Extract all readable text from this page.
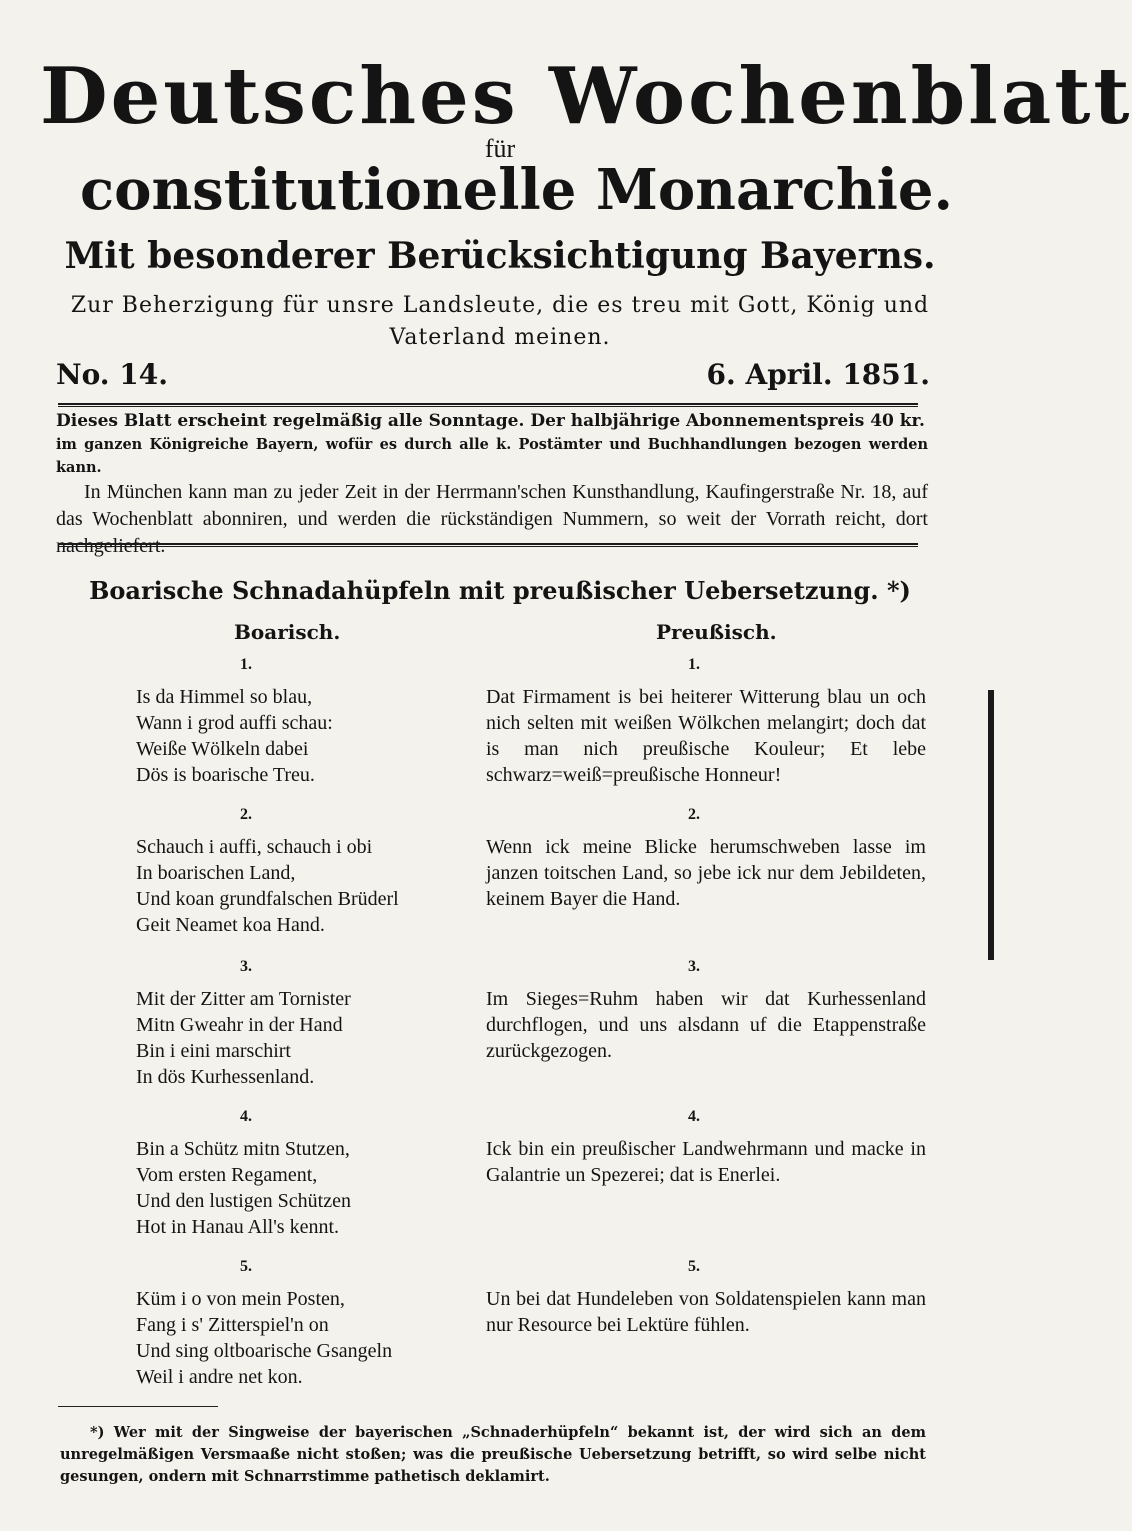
Deutsches Wochenblatt
für
constitutionelle Monarchie.
Mit besonderer Berücksichtigung Bayerns.
Zur Beherzigung für unsre Landsleute, die es treu mit Gott, König und Vaterland meinen.
No. 14.	6. April. 1851.
Dieses Blatt erscheint regelmäßig alle Sonntage. Der halbjährige Abonnementspreis 40 kr.
im ganzen Königreiche Bayern, wofür es durch alle k. Postämter und Buchhandlungen bezogen werden kann.
In München kann man zu jeder Zeit in der Herrmann'schen Kunsthandlung, Kaufingerstraße Nr. 18, auf das Wochenblatt abonniren, und werden die rückständigen Nummern, so weit der Vorrath reicht, dort nachgeliefert.
Boarische Schnadahüpfeln mit preußischer Uebersetzung. *)
Boarisch.	Preußisch.
1.
Is da Himmel so blau,
Wann i grod auffi schau:
Weiße Wölkeln dabei
Dös is boarische Treu.
1.
Dat Firmament is bei heiterer Witterung blau un och nich selten mit weißen Wölkchen melangirt; doch dat is man nich preußische Kouleur; Et lebe schwarz=weiß=preußische Honneur!
2.
Schauch i auffi, schauch i obi
In boarischen Land,
Und koan grundfalschen Brüderl
Geit Neamet koa Hand.
2.
Wenn ick meine Blicke herumschweben lasse im janzen toitschen Land, so jebe ick nur dem Jebildeten, keinem Bayer die Hand.
3.
Mit der Zitter am Tornister
Mitn Gweahr in der Hand
Bin i eini marschirt
In dös Kurhessenland.
3.
Im Sieges=Ruhm haben wir dat Kurhessenland durchflogen, und uns alsdann uf die Etappenstraße zurückgezogen.
4.
Bin a Schütz mitn Stutzen,
Vom ersten Regament,
Und den lustigen Schützen
Hot in Hanau All's kennt.
4.
Ick bin ein preußischer Landwehrmann und macke in Galantrie un Spezerei; dat is Enerlei.
5.
Küm i o von mein Posten,
Fang i s' Zitterspiel'n on
Und sing oltboarische Gsangeln
Weil i andre net kon.
5.
Un bei dat Hundeleben von Soldatenspielen kann man nur Resource bei Lektüre fühlen.
*) Wer mit der Singweise der bayerischen „Schnaderhüpfeln“ bekannt ist, der wird sich an dem unregelmäßigen Versmaaße nicht stoßen; was die preußische Uebersetzung betrifft, so wird selbe nicht gesungen, ondern mit Schnarrstimme pathetisch deklamirt.
